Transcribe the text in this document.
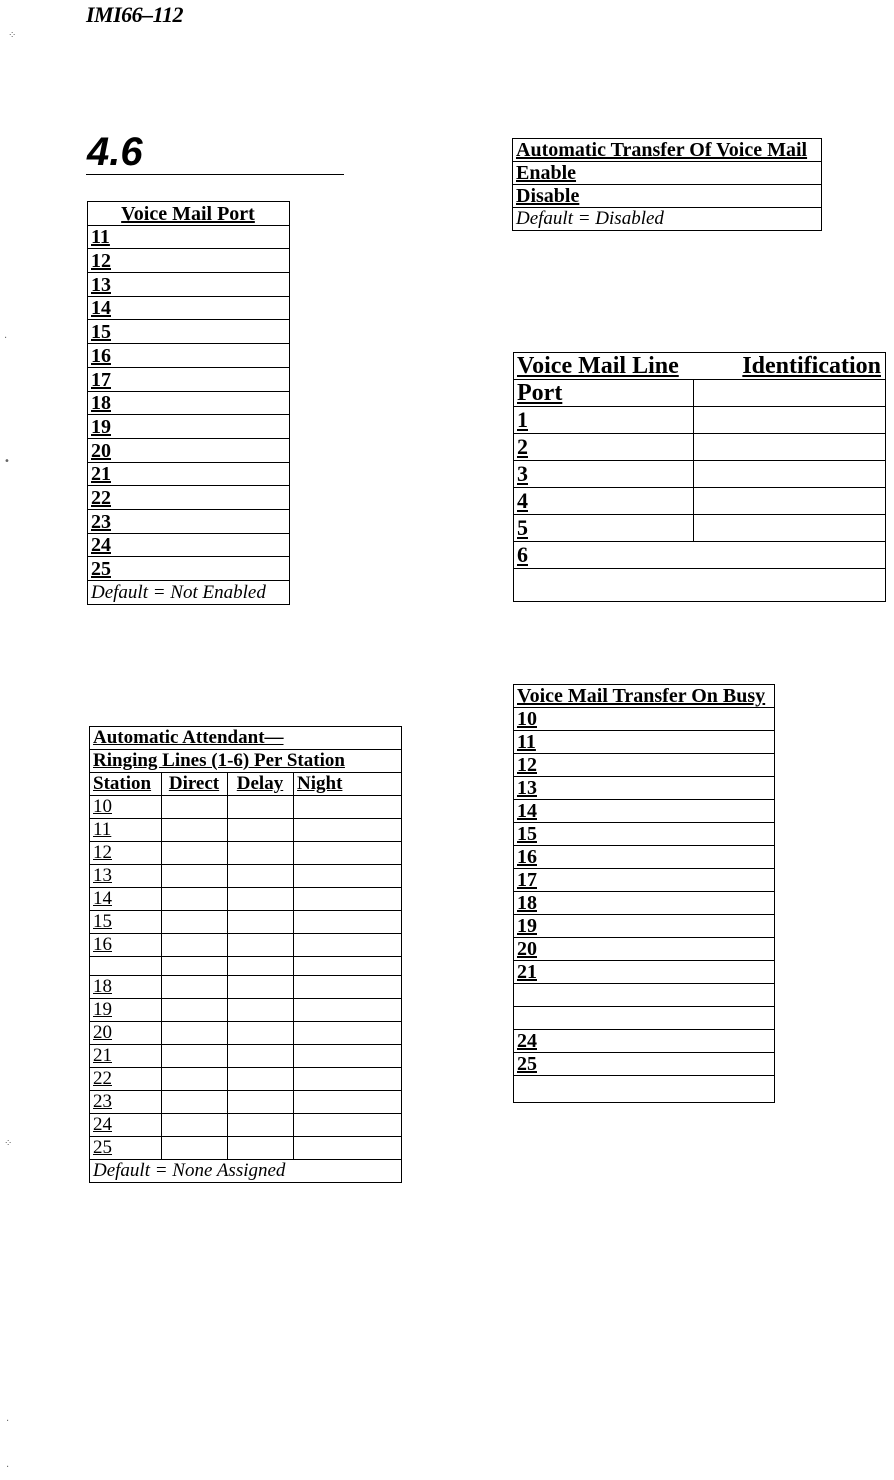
IMI66–112
4.6
Voice Mail Port
11
12
13
14
15
16
17
18
19
20
21
22
23
24
25
Default = Not Enabled
Automatic Attendant—			
Ringing Lines (1-6) Per Station			
Station	Direct	Delay	Night
10			
11			
12			
13			
14			
15			
16			

18			
19			
20			
21			
22			
23			
24			
25			
Default = None Assigned			
Automatic Transfer Of Voice Mail
Enable
Disable
Default = Disabled
Voice Mail Line	Identification
Port	
1	
2	
3	
4	
5	
6	

Voice Mail Transfer On Busy
10
11
12
13
14
15
16
17
18
19
20
21

24
25

⁘
·
•
⁘
·
·
